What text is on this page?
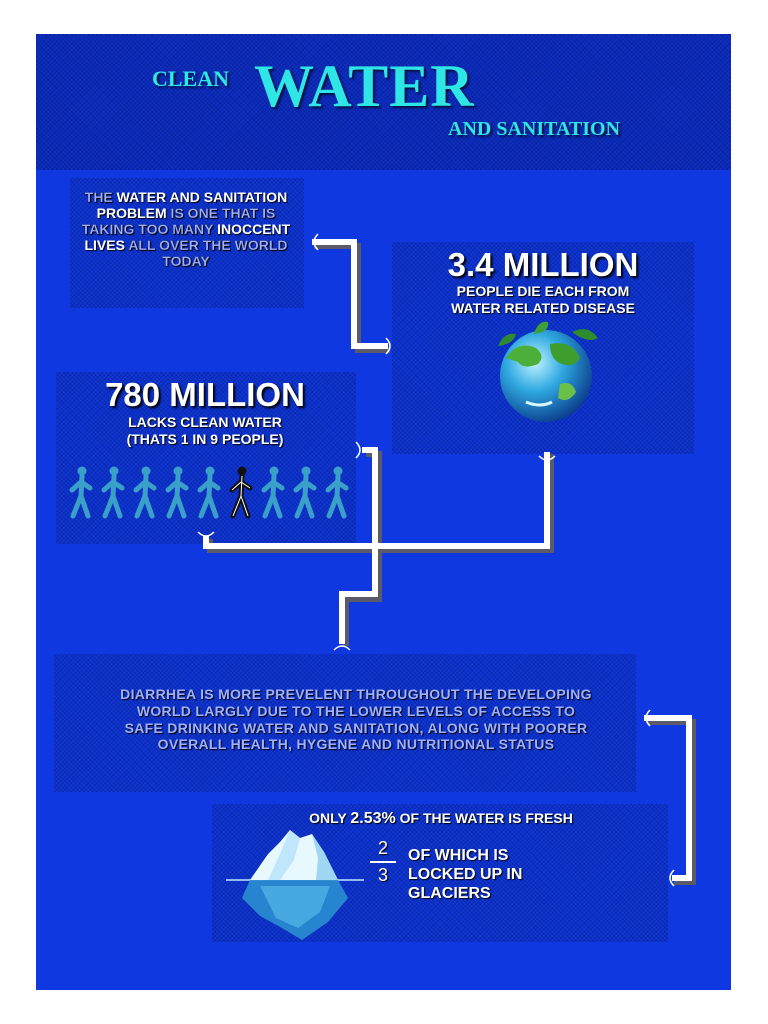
CLEAN WATER
AND SANITATION
THE WATER AND SANITATION PROBLEM IS ONE THAT IS TAKING TOO MANY INOCCENT LIVES ALL OVER THE WORLD TODAY	3.4 MILLION
PEOPLE DIE EACH FROM
WATER RELATED DISEASE
780 MILLION
LACKS CLEAN WATER
(THATS 1 IN 9 PEOPLE)
DIARRHEA IS MORE PREVELENT THROUGHOUT THE DEVELOPING
WORLD LARGLY DUE TO THE LOWER LEVELS OF ACCESS TO
SAFE DRINKING WATER AND SANITATION, ALONG WITH POORER
OVERALL HEALTH, HYGENE AND NUTRITIONAL STATUS
ONLY 2.53% OF THE WATER IS FRESH
2
3
OF WHICH IS
LOCKED UP IN
GLACIERS
